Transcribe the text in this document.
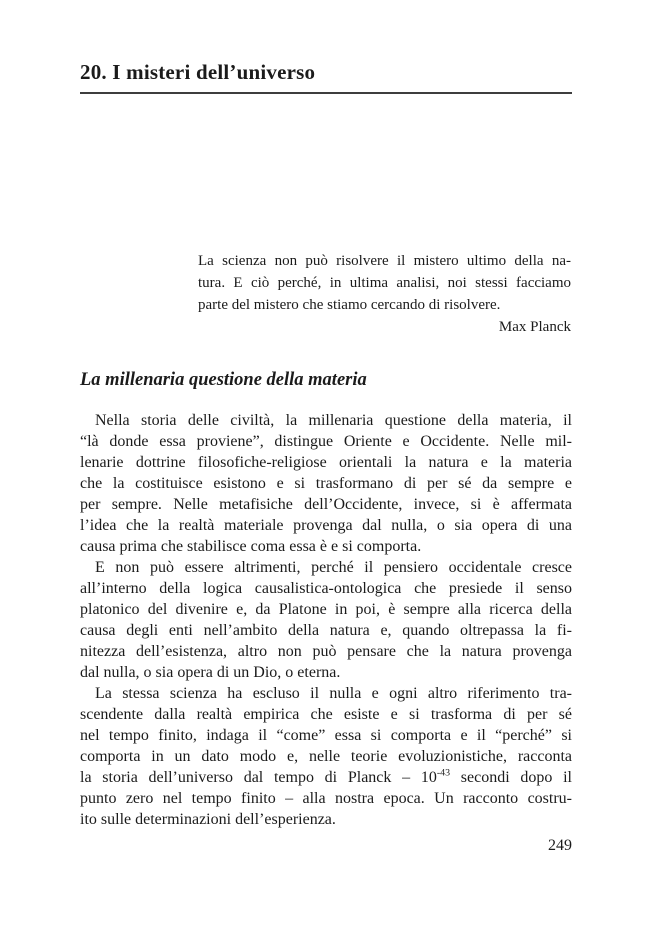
20. I misteri dell’universo
La scienza non può risolvere il mistero ultimo della na-
tura. E ciò perché, in ultima analisi, noi stessi facciamo
parte del mistero che stiamo cercando di risolvere.
Max Planck
La millenaria questione della materia
Nella storia delle civiltà, la millenaria questione della materia, il
“là donde essa proviene”, distingue Oriente e Occidente. Nelle mil-
lenarie dottrine filosofiche-religiose orientali la natura e la materia
che la costituisce esistono e si trasformano di per sé da sempre e
per sempre. Nelle metafisiche dell’Occidente, invece, si è affermata
l’idea che la realtà materiale provenga dal nulla, o sia opera di una
causa prima che stabilisce coma essa è e si comporta.
E non può essere altrimenti, perché il pensiero occidentale cresce
all’interno della logica causalistica-ontologica che presiede il senso
platonico del divenire e, da Platone in poi, è sempre alla ricerca della
causa degli enti nell’ambito della natura e, quando oltrepassa la fi-
nitezza dell’esistenza, altro non può pensare che la natura provenga
dal nulla, o sia opera di un Dio, o eterna.
La stessa scienza ha escluso il nulla e ogni altro riferimento tra-
scendente dalla realtà empirica che esiste e si trasforma di per sé
nel tempo finito, indaga il “come” essa si comporta e il “perché” si
comporta in un dato modo e, nelle teorie evoluzionistiche, racconta
la storia dell’universo dal tempo di Planck – $10^{-43}$ secondi dopo il
punto zero nel tempo finito – alla nostra epoca. Un racconto costru-
ito sulle determinazioni dell’esperienza.
249
